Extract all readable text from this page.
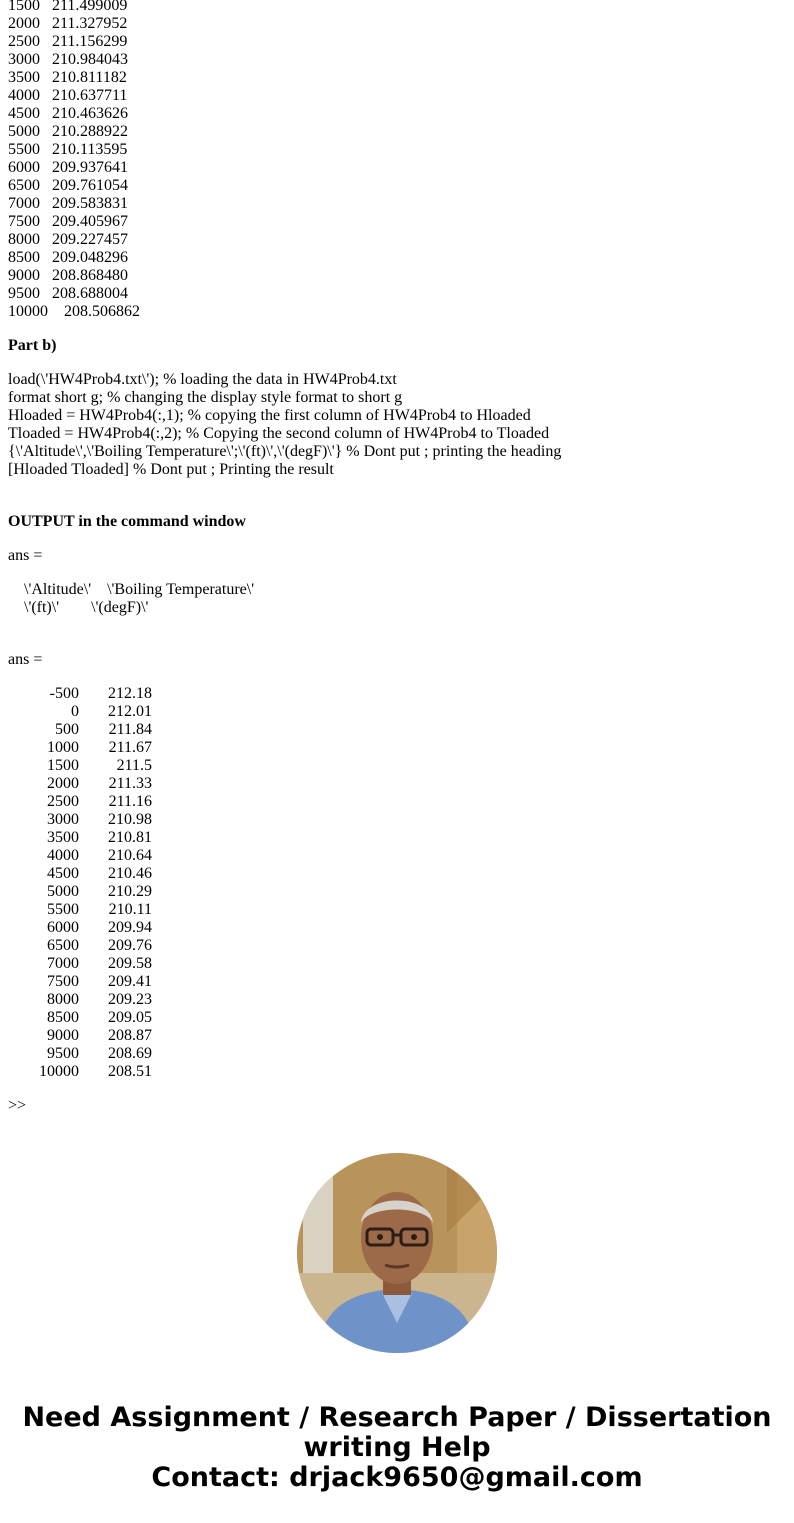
1500 211.499009
2000 211.327952
2500 211.156299
3000 210.984043
3500 210.811182
4000 210.637711
4500 210.463626
5000 210.288922
5500 210.113595
6000 209.937641
6500 209.761054
7000 209.583831
7500 209.405967
8000 209.227457
8500 209.048296
9000 208.868480
9500 208.688004
10000	208.506862
Part b)
load(\'HW4Prob4.txt\'); % loading the data in HW4Prob4.txt
format short g; % changing the display style format to short g
Hloaded = HW4Prob4(:,1); % copying the first column of HW4Prob4 to Hloaded
Tloaded = HW4Prob4(:,2); % Copying the second column of HW4Prob4 to Tloaded
{\'Altitude\',\'Boiling Temperature\';\'(ft)\',\'(degF)\'} % Dont put ; printing the heading
[Hloaded Tloaded] % Dont put ; Printing the result
OUTPUT in the command window
ans =
\'Altitude\'    \'Boiling Temperature\'
\'(ft)\'        \'(degF)\'
ans =
-500	212.18
0	212.01
500	211.84
1000	211.67
1500	211.5
2000	211.33
2500	211.16
3000	210.98
3500	210.81
4000	210.64
4500	210.46
5000	210.29
5500	210.11
6000	209.94
6500	209.76
7000	209.58
7500	209.41
8000	209.23
8500	209.05
9000	208.87
9500	208.69
10000	208.51
>>
Need Assignment / Research Paper / Dissertation
writing Help
Contact: drjack9650@gmail.com
